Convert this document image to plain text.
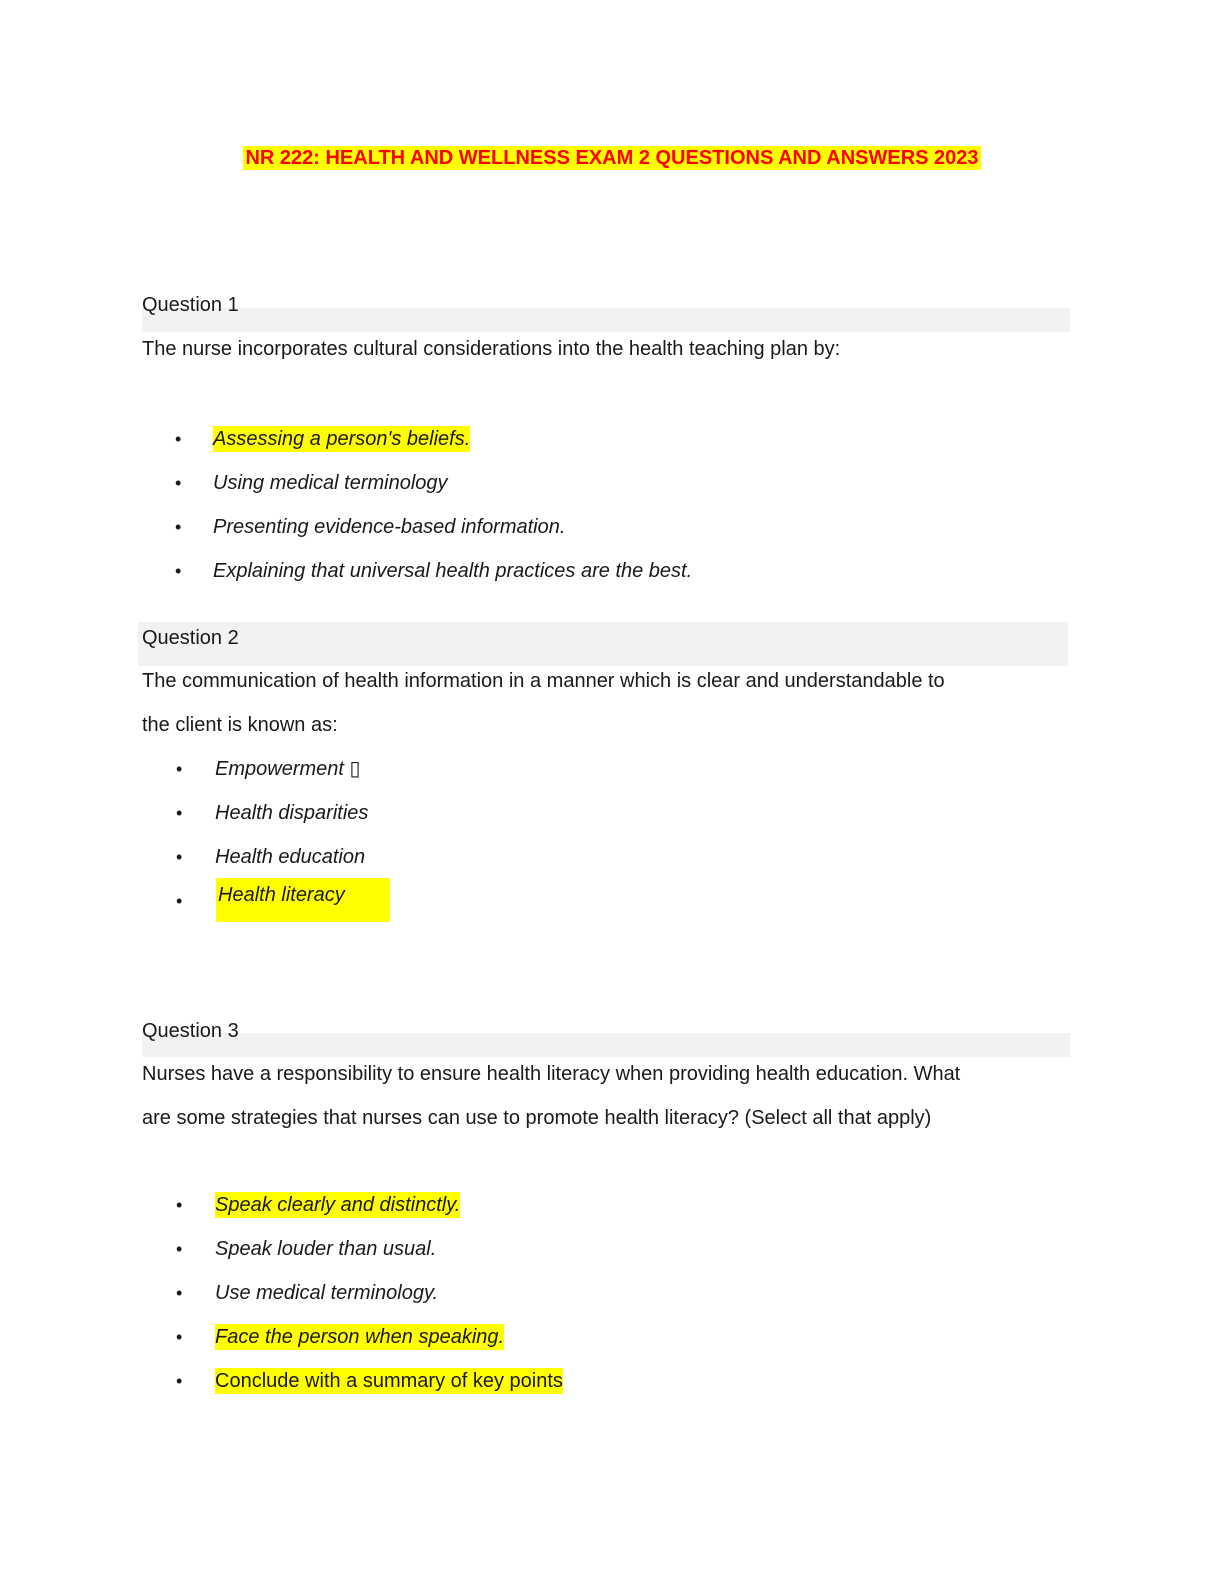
NR 222: HEALTH AND WELLNESS EXAM 2 QUESTIONS AND ANSWERS 2023
Question 1

The nurse incorporates cultural considerations into the health teaching plan by:

• Assessing a person's beliefs.
• Using medical terminology
• Presenting evidence-based information.
• Explaining that universal health practices are the best.
Question 2

The communication of health information in a manner which is clear and understandable to

the client is known as:

• Empowerment ▯
• Health disparities
• Health education
• Health literacy
Question 3

Nurses have a responsibility to ensure health literacy when providing health education. What

are some strategies that nurses can use to promote health literacy? (Select all that apply)

• Speak clearly and distinctly.
• Speak louder than usual.
• Use medical terminology.
• Face the person when speaking.
• Conclude with a summary of key points
